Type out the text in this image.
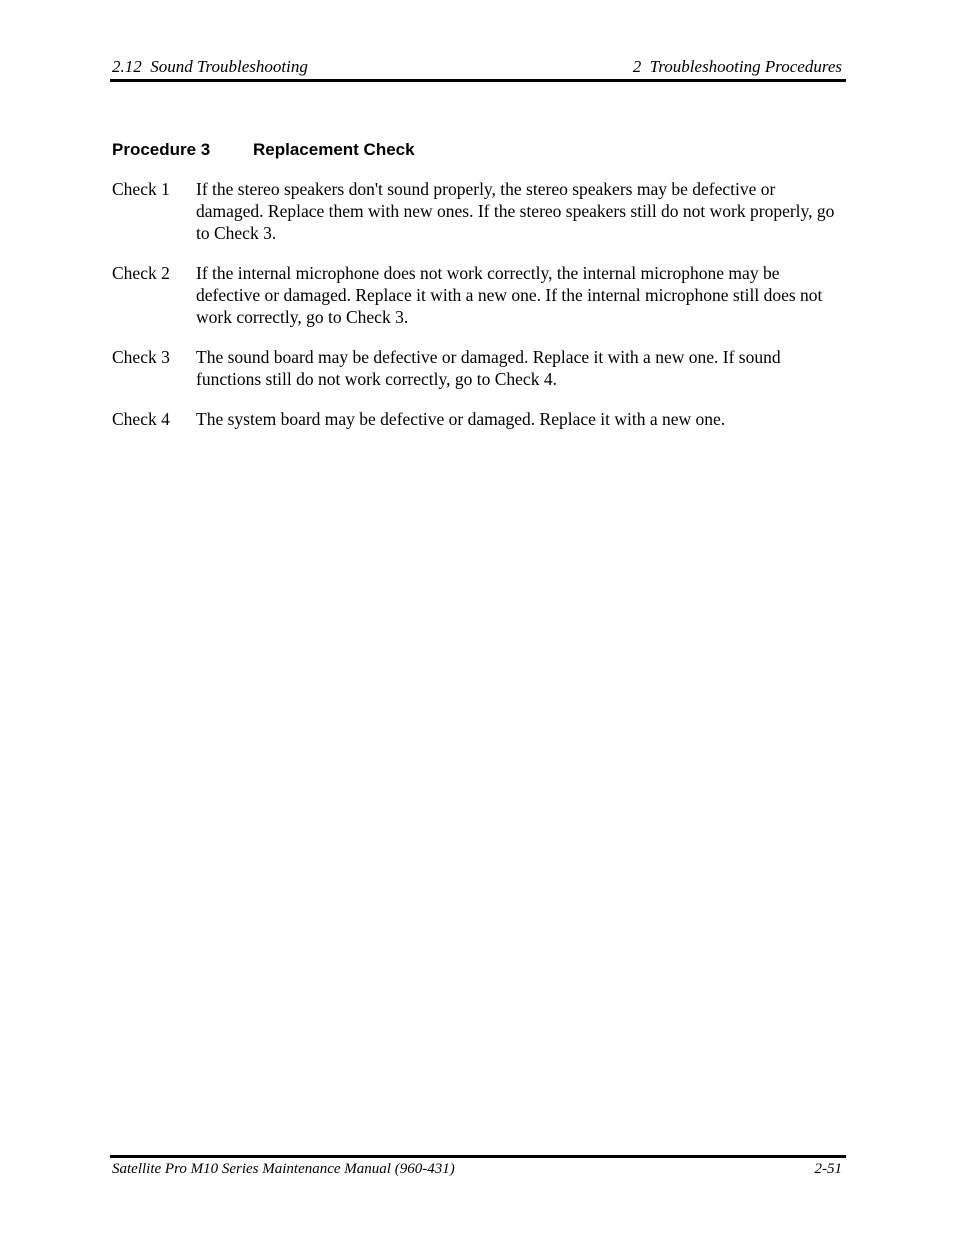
2.12  Sound Troubleshooting	2  Troubleshooting Procedures
Procedure 3	Replacement Check
Check 1	If the stereo speakers don't sound properly, the stereo speakers may be defective or damaged. Replace them with new ones. If the stereo speakers still do not work properly, go to Check 3.
Check 2	If the internal microphone does not work correctly, the internal microphone may be defective or damaged. Replace it with a new one. If the internal microphone still does not work correctly, go to Check 3.
Check 3	The sound board may be defective or damaged. Replace it with a new one. If sound functions still do not work correctly, go to Check 4.
Check 4	The system board may be defective or damaged. Replace it with a new one.
Satellite Pro M10 Series Maintenance Manual (960-431)	2-51
